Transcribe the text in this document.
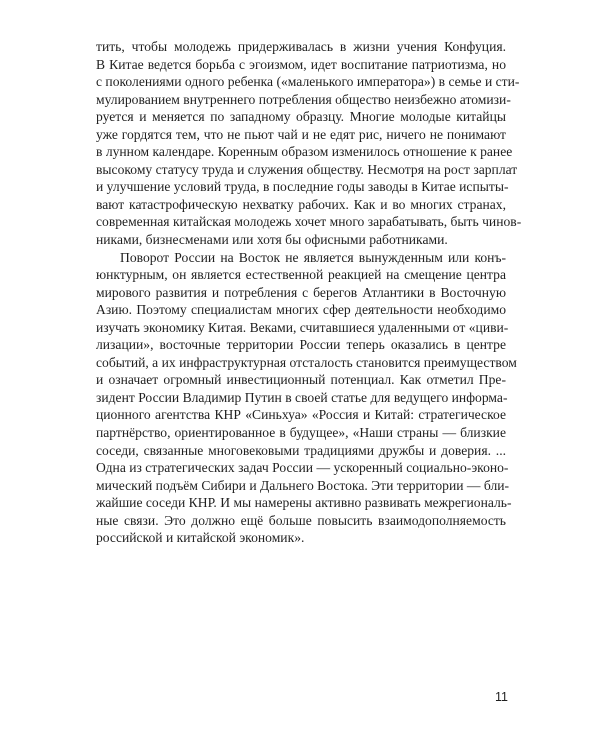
тить, чтобы молодежь придерживалась в жизни учения Конфуция.
В Китае ведется борьба с эгоизмом, идет воспитание патриотизма, но
с поколениями одного ребенка («маленького императора») в семье и сти-
мулированием внутреннего потребления общество неизбежно атомизи-
руется и меняется по западному образцу. Многие молодые китайцы
уже гордятся тем, что не пьют чай и не едят рис, ничего не понимают
в лунном календаре. Коренным образом изменилось отношение к ранее
высокому статусу труда и служения обществу. Несмотря на рост зарплат
и улучшение условий труда, в последние годы заводы в Китае испыты-
вают катастрофическую нехватку рабочих. Как и во многих странах,
современная китайская молодежь хочет много зарабатывать, быть чинов-
никами, бизнесменами или хотя бы офисными работниками.
Поворот России на Восток не является вынужденным или конъ-
юнктурным, он является естественной реакцией на смещение центра
мирового развития и потребления с берегов Атлантики в Восточную
Азию. Поэтому специалистам многих сфер деятельности необходимо
изучать экономику Китая. Веками, считавшиеся удаленными от «циви-
лизации», восточные территории России теперь оказались в центре
событий, а их инфраструктурная отсталость становится преимуществом
и означает огромный инвестиционный потенциал. Как отметил Пре-
зидент России Владимир Путин в своей статье для ведущего информа-
ционного агентства КНР «Синьхуа» «Россия и Китай: стратегическое
партнёрство, ориентированное в будущее», «Наши страны — близкие
соседи, связанные многовековыми традициями дружбы и доверия. ...
Одна из стратегических задач России — ускоренный социально-эконо-
мический подъём Сибири и Дальнего Востока. Эти территории — бли-
жайшие соседи КНР. И мы намерены активно развивать межрегиональ-
ные связи. Это должно ещё больше повысить взаимодополняемость
российской и китайской экономик».
11
